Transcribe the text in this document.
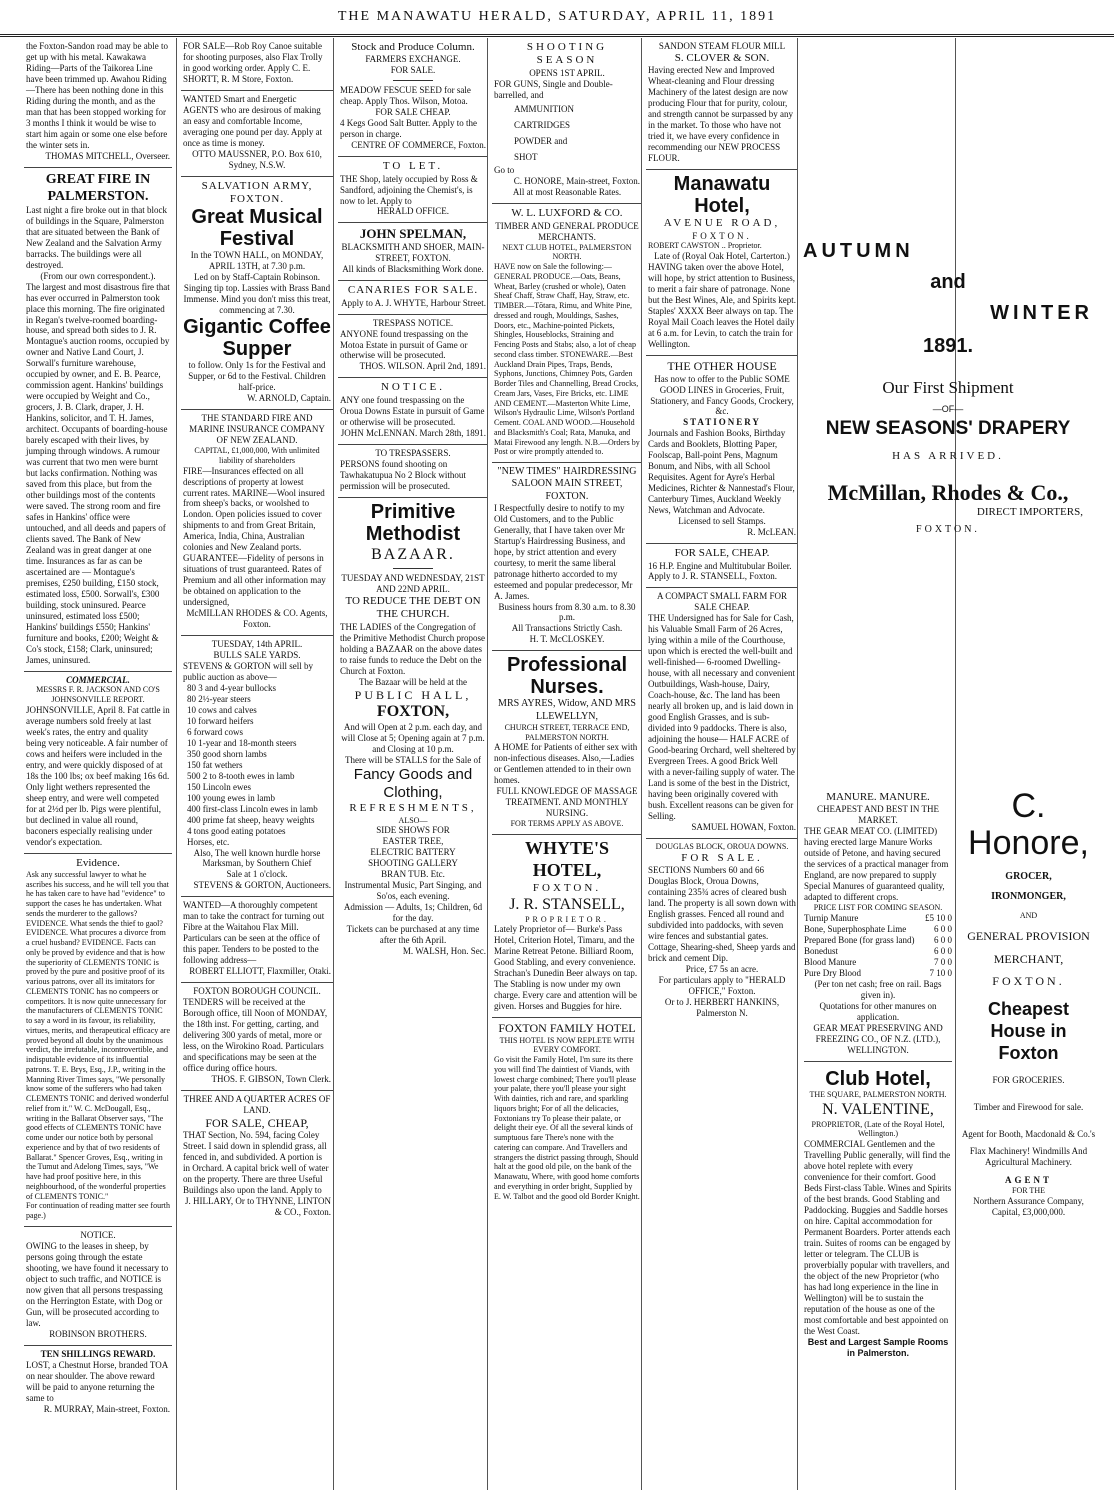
THE MANAWATU HERALD, SATURDAY, APRIL 11, 1891
the Foxton-Sandon road may be able to get up with his metal. Kawakawa Riding—Parts of the Taikorea Line have been trimmed up. Awahou Riding—There has been nothing done in this Riding during the month, and as the man that has been stopped working for 3 months I think it would be wise to start him again or some one else before the winter sets in.
THOMAS MITCHELL, Overseer.
GREAT FIRE IN PALMERSTON.
Last night a fire broke out in that block of buildings in the Square, Palmerston that are situated between the Bank of New Zealand and the Salvation Army barracks. The buildings were all destroyed.
(From our own correspondent.).
The largest and most disastrous fire that has ever occurred in Palmerston took place this morning. The fire originated in Regan's twelve-roomed boarding-house, and spread both sides to J. R. Montague's auction rooms, occupied by owner and Native Land Court, J. Sorwall's furniture warehouse, occupied by owner, and E. B. Pearce, commission agent. Hankins' buildings were occupied by Weight and Co., grocers, J. B. Clark, draper, J. H. Hankins, solicitor, and T. H. James, architect. Occupants of boarding-house barely escaped with their lives, by jumping through windows. A rumour was current that two men were burnt but lacks confirmation. Nothing was saved from this place, but from the other buildings most of the contents were saved. The strong room and fire safes in Hankins' office were untouched, and all deeds and papers of clients saved. The Bank of New Zealand was in great danger at one time. Insurances as far as can be ascertained are — Montague's premises, £250 building, £150 stock, estimated loss, £500. Sorwall's, £300 building, stock uninsured. Pearce uninsured, estimated loss £500; Hankins' buildings £550; Hankins' furniture and books, £200; Weight & Co's stock, £158; Clark, uninsured; James, uninsured.
COMMERCIAL.
MESSRS F. R. JACKSON AND CO'S JOHNSONVILLE REPORT.
JOHNSONVILLE, April 8. Fat cattle in average numbers sold freely at last week's rates, the entry and quality being very noticeable. A fair number of cows and heifers were included in the entry, and were quickly disposed of at 18s the 100 lbs; ox beef making 16s 6d. Only light wethers represented the sheep entry, and were well competed for at 2½d per lb. Pigs were plentiful, but declined in value all round, baconers especially realising under vendor's expectation.
Evidence.
Ask any successful lawyer to what he ascribes his success, and he will tell you that he has taken care to have had "evidence" to support the cases he has undertaken. What sends the murderer to the gallows? EVIDENCE. What sends the thief to gaol? EVIDENCE. What procures a divorce from a cruel husband? EVIDENCE. Facts can only be proved by evidence and that is how the superiority of CLEMENTS TONIC is proved by the pure and positive proof of its various patrons, over all its imitators for CLEMENTS TONIC has no compeers or competitors. It is now quite unnecessary for the manufacturers of CLEMENTS TONIC to say a word in its favour, its reliability, virtues, merits, and therapeutical efficacy are proved beyond all doubt by the unanimous verdict, the irrefutable, incontrovertible, and indisputable evidence of its influential patrons. T. E. Brys, Esq., J.P., writing in the Manning River Times says, "We personally know some of the sufferers who had taken CLEMENTS TONIC and derived wonderful relief from it." W. C. McDougall, Esq., writing in the Ballarat Observer says, "The good effects of CLEMENTS TONIC have come under our notice both by personal experience and by that of two residents of Ballarat." Spencer Groves, Esq., writing in the Tumut and Adelong Times, says, "We have had proof positive here, in this neighbourhood, of the wonderful properties of CLEMENTS TONIC."
For continuation of reading matter see fourth page.)
NOTICE.
OWING to the leases in sheep, by persons going through the estate shooting, we have found it necessary to object to such traffic, and NOTICE is now given that all persons trespassing on the Herrington Estate, with Dog or Gun, will be prosecuted according to law.
ROBINSON BROTHERS.
TEN SHILLINGS REWARD.
LOST, a Chestnut Horse, branded TOA on near shoulder. The above reward will be paid to anyone returning the same to
R. MURRAY, Main-street, Foxton.
FOR SALE—Rob Roy Canoe suitable for shooting purposes, also Flax Trolly in good working order. Apply C. E. SHORTT, R. M Store, Foxton.
WANTED Smart and Energetic AGENTS who are desirous of making an easy and comfortable Income, averaging one pound per day. Apply at once as time is money.
OTTO MAUSSNER, P.O. Box 610, Sydney, N.S.W.
SALVATION ARMY, FOXTON.
Great Musical Festival
In the TOWN HALL, on MONDAY, APRIL 13TH, at 7.30 p.m.
Led on by Staff-Captain Robinson.
Singing tip top. Lassies with Brass Band Immense. Mind you don't miss this treat, commencing at 7.30.
Gigantic Coffee Supper
to follow. Only 1s for the Festival and Supper, or 6d to the Festival. Children half-price.
W. ARNOLD, Captain.
THE STANDARD FIRE AND MARINE INSURANCE COMPANY OF NEW ZEALAND.
CAPITAL, £1,000,000, With unlimited liability of shareholders
FIRE—Insurances effected on all descriptions of property at lowest current rates. MARINE—Wool insured from sheep's backs, or woolshed to London. Open policies issued to cover shipments to and from Great Britain, America, India, China, Australian colonies and New Zealand ports. GUARANTEE—Fidelity of persons in situations of trust guaranteed. Rates of Premium and all other information may be obtained on application to the undersigned,
McMILLAN RHODES & CO. Agents, Foxton.
TUESDAY, 14th APRIL.
BULLS SALE YARDS.
STEVENS & GORTON will sell by public auction as above—
80 3 and 4-year bullocks
80 2½-year steers
10 cows and calves
10 forward heifers
6 forward cows
10 1-year and 18-month steers
350 good shorn lambs
150 fat wethers
500 2 to 8-tooth ewes in lamb
150 Lincoln ewes
100 young ewes in lamb
400 first-class Lincoln ewes in lamb
400 prime fat sheep, heavy weights
4 tons good eating potatoes
Horses, etc.
Also, The well known hurdle horse Marksman, by Southern Chief
Sale at 1 o'clock.
STEVENS & GORTON, Auctioneers.
WANTED—A thoroughly competent man to take the contract for turning out Fibre at the Waitahou Flax Mill. Particulars can be seen at the office of this paper. Tenders to be posted to the following address—
ROBERT ELLIOTT, Flaxmiller, Otaki.
FOXTON BOROUGH COUNCIL.
TENDERS will be received at the Borough office, till Noon of MONDAY, the 18th inst. For getting, carting, and delivering 300 yards of metal, more or less, on the Wirokino Road. Particulars and specifications may be seen at the office during office hours.
THOS. F. GIBSON, Town Clerk.
THREE AND A QUARTER ACRES OF LAND.
FOR SALE, CHEAP,
THAT Section, No. 594, facing Coley Street. I said down in splendid grass, all fenced in, and subdivided. A portion is in Orchard. A capital brick well of water on the property. There are three Useful Buildings also upon the land. Apply to
J. HILLARY, Or to THYNNE, LINTON & CO., Foxton.
Stock and Produce Column.
FARMERS EXCHANGE.
FOR SALE.
MEADOW FESCUE SEED for sale cheap. Apply Thos. Wilson, Motoa.
FOR SALE CHEAP.
4 Kegs Good Salt Butter. Apply to the person in charge.
CENTRE OF COMMERCE, Foxton.
TO LET.
THE Shop, lately occupied by Ross & Sandford, adjoining the Chemist's, is now to let. Apply to
HERALD OFFICE.
JOHN SPELMAN,
BLACKSMITH AND SHOER, MAIN-STREET, FOXTON.
All kinds of Blacksmithing Work done.
CANARIES FOR SALE.
Apply to A. J. WHYTE, Harbour Street.
TRESPASS NOTICE.
ANYONE found trespassing on the Motoa Estate in pursuit of Game or otherwise will be prosecuted.
THOS. WILSON. April 2nd, 1891.
NOTICE.
ANY one found trespassing on the Oroua Downs Estate in pursuit of Game or otherwise will be prosecuted.
JOHN McLENNAN. March 28th, 1891.
TO TRESPASSERS.
PERSONS found shooting on Tawhakatupua No 2 Block without permission will be prosecuted.
Primitive Methodist
BAZAAR.
TUESDAY AND WEDNESDAY, 21ST AND 22ND APRIL.
TO REDUCE THE DEBT ON THE CHURCH.
THE LADIES of the Congregation of the Primitive Methodist Church propose holding a BAZAAR on the above dates to raise funds to reduce the Debt on the Church at Foxton.
The Bazaar will be held at the
PUBLIC HALL,
FOXTON,
And will Open at 2 p.m. each day, and will Close at 5; Opening again at 7 p.m. and Closing at 10 p.m.
There will be STALLS for the Sale of
Fancy Goods and Clothing,
REFRESHMENTS,
ALSO—
SIDE SHOWS FOR
EASTER TREE,
ELECTRIC BATTERY
SHOOTING GALLERY
BRAN TUB. Etc.
Instrumental Music, Part Singing, and So'os, each evening.
Admission — Adults, 1s; Children, 6d for the day.
Tickets can be purchased at any time after the 6th April.
M. WALSH, Hon. Sec.
SHOOTING SEASON
OPENS 1ST APRIL.
FOR GUNS, Single and Double-barrelled, and
AMMUNITION
CARTRIDGES
POWDER and
SHOT
Go to
C. HONORE, Main-street, Foxton.
All at most Reasonable Rates.
W. L. LUXFORD & CO.
TIMBER AND GENERAL PRODUCE MERCHANTS.
NEXT CLUB HOTEL, PALMERSTON NORTH.
HAVE now on Sale the following:— GENERAL PRODUCE.—Oats, Beans, Wheat, Barley (crushed or whole), Oaten Sheaf Chaff, Straw Chaff, Hay, Straw, etc. TIMBER.—Tōtara, Rimu, and White Pine, dressed and rough, Mouldings, Sashes, Doors, etc., Machine-pointed Pickets, Shingles, Houseblocks, Straining and Fencing Posts and Stabs; also, a lot of cheap second class timber. STONEWARE.—Best Auckland Drain Pipes, Traps, Bends, Syphons, Junctions, Chimney Pots, Garden Border Tiles and Channelling, Bread Crocks, Cream Jars, Vases, Fire Bricks, etc. LIME AND CEMENT.—Masterton White Lime, Wilson's Hydraulic Lime, Wilson's Portland Cement. COAL AND WOOD.—Household and Blacksmith's Coal; Rata, Manuka, and Matai Firewood any length. N.B.—Orders by Post or wire promptly attended to.
"NEW TIMES" HAIRDRESSING SALOON MAIN STREET, FOXTON.
I Respectfully desire to notify to my Old Customers, and to the Public Generally, that I have taken over Mr Startup's Hairdressing Business, and hope, by strict attention and every courtesy, to merit the same liberal patronage hitherto accorded to my esteemed and popular predecessor, Mr A. James.
Business hours from 8.30 a.m. to 8.30 p.m.
All Transactions Strictly Cash.
H. T. McCLOSKEY.
Professional Nurses.
MRS AYRES, Widow, AND MRS LLEWELLYN,
CHURCH STREET, TERRACE END, PALMERSTON NORTH.
A HOME for Patients of either sex with non-infectious diseases. Also,—Ladies or Gentlemen attended to in their own homes.
FULL KNOWLEDGE OF MASSAGE TREATMENT. AND MONTHLY NURSING.
FOR TERMS APPLY AS ABOVE.
WHYTE'S HOTEL,
FOXTON.
J. R. STANSELL,
PROPRIETOR.
Lately Proprietor of— Burke's Pass Hotel, Criterion Hotel, Timaru, and the Marine Retreat Petone. Billiard Room, Good Stabling, and every convenience. Strachan's Dunedin Beer always on tap. The Stabling is now under my own charge. Every care and attention will be given. Horses and Buggies for hire.
FOXTON FAMILY HOTEL
THIS HOTEL IS NOW REPLETE WITH EVERY COMFORT.
Go visit the Family Hotel, I'm sure its there you will find The daintiest of Viands, with lowest charge combined; There you'll please your palate, there you'll please your sight With dainties, rich and rare, and sparkling liquors bright; For of all the delicacies, Foxtonians try To please their palate, or delight their eye. Of all the several kinds of sumptuous fare There's none with the catering can compare. And Travellers and strangers the district passing through, Should halt at the good old pile, on the bank of the Manawatu, Where, with good home comforts and everything in order bright, Supplied by E. W. Talbot and the good old Border Knight.
SANDON STEAM FLOUR MILL
S. CLOVER & SON.
Having erected New and Improved Wheat-cleaning and Flour dressing Machinery of the latest design are now producing Flour that for purity, colour, and strength cannot be surpassed by any in the market. To those who have not tried it, we have every confidence in recommending our NEW PROCESS FLOUR.
Manawatu Hotel,
AVENUE ROAD,
FOXTON.
ROBERT CAWSTON .. Proprietor.
Late of (Royal Oak Hotel, Carterton.)
HAVING taken over the above Hotel, will hope, by strict attention to Business, to merit a fair share of patronage. None but the Best Wines, Ale, and Spirits kept. Staples' XXXX Beer always on tap. The Royal Mail Coach leaves the Hotel daily at 6 a.m. for Levin, to catch the train for Wellington.
THE OTHER HOUSE
Has now to offer to the Public SOME GOOD LINES in Groceries, Fruit, Stationery, and Fancy Goods, Crockery, &c.
STATIONERY
Journals and Fashion Books, Birthday Cards and Booklets, Blotting Paper, Foolscap, Ball-point Pens, Magnum Bonum, and Nibs, with all School Requisites. Agent for Ayre's Herbal Medicines, Richter & Nannestad's Flour, Canterbury Times, Auckland Weekly News, Watchman and Advocate.
Licensed to sell Stamps.
R. McLEAN.
FOR SALE, CHEAP.
16 H.P. Engine and Multitubular Boiler. Apply to J. R. STANSELL, Foxton.
A COMPACT SMALL FARM FOR SALE CHEAP.
THE Undersigned has for Sale for Cash, his Valuable Small Farm of 26 Acres, lying within a mile of the Courthouse, upon which is erected the well-built and well-finished— 6-roomed Dwelling-house, with all necessary and convenient Outbuildings, Wash-house, Dairy, Coach-house, &c. The land has been nearly all broken up, and is laid down in good English Grasses, and is sub-divided into 9 paddocks. There is also, adjoining the house— HALF ACRE of Good-bearing Orchard, well sheltered by Evergreen Trees. A good Brick Well with a never-failing supply of water. The Land is some of the best in the District, having been originally covered with bush. Excellent reasons can be given for Selling.
SAMUEL HOWAN, Foxton.
DOUGLAS BLOCK, OROUA DOWNS.
FOR SALE.
SECTIONS Numbers 60 and 66 Douglas Block, Oroua Downs, containing 235¾ acres of cleared bush land. The property is all sown down with English grasses. Fenced all round and subdivided into paddocks, with seven wire fences and substantial gates. Cottage, Shearing-shed, Sheep yards and brick and cement Dip.
Price, £7 5s an acre.
For particulars apply to "HERALD OFFICE," Foxton.
Or to J. HERBERT HANKINS, Palmerston N.
MANURE. MANURE.
CHEAPEST AND BEST IN THE MARKET.
THE GEAR MEAT CO. (LIMITED) having erected large Manure Works outside of Petone, and having secured the services of a practical manager from England, are now prepared to supply Special Manures of guaranteed quality, adapted to different crops.
PRICE LIST FOR COMING SEASON.
Turnip Manure	£5 10 0
Bone, Superphosphate Lime	6 0 0
Prepared Bone (for grass land) 6 0 0
Bonedust	6 0 0
Blood Manure	7 0 0
Pure Dry Blood	7 10 0
(Per ton net cash; free on rail. Bags given in).
Quotations for other manures on application.
GEAR MEAT PRESERVING AND FREEZING CO., OF N.Z. (LTD.), WELLINGTON.
Club Hotel,
THE SQUARE, PALMERSTON NORTH.
N. VALENTINE,
PROPRIETOR, (Late of the Royal Hotel, Wellington.)
COMMERCIAL Gentlemen and the Travelling Public generally, will find the above hotel replete with every convenience for their comfort. Good Beds First-class Table. Wines and Spirits of the best brands. Good Stabling and Paddocking. Buggies and Saddle horses on hire. Capital accommodation for Permanent Boarders. Porter attends each train. Suites of rooms can be engaged by letter or telegram. The CLUB is proverbially popular with travellers, and the object of the new Proprietor (who has had long experience in the line in Wellington) will be to sustain the reputation of the house as one of the most comfortable and best appointed on the West Coast.
Best and Largest Sample Rooms in Palmerston.
C. Honore,
GROCER,
IRONMONGER,
AND
GENERAL PROVISION
MERCHANT,
FOXTON.
Cheapest House in Foxton
FOR GROCERIES.
Timber and Firewood for sale.
Agent for Booth, Macdonald & Co.'s
Flax Machinery! Windmills And Agricultural Machinery.
AGENT
FOR THE
Northern Assurance Company,
Capital, £3,000,000.
AUTUMN
and
WINTER
1891.
Our First Shipment
—OF—
NEW SEASONS' DRAPERY
HAS ARRIVED.
McMillan, Rhodes & Co.,
DIRECT IMPORTERS,
FOXTON.
